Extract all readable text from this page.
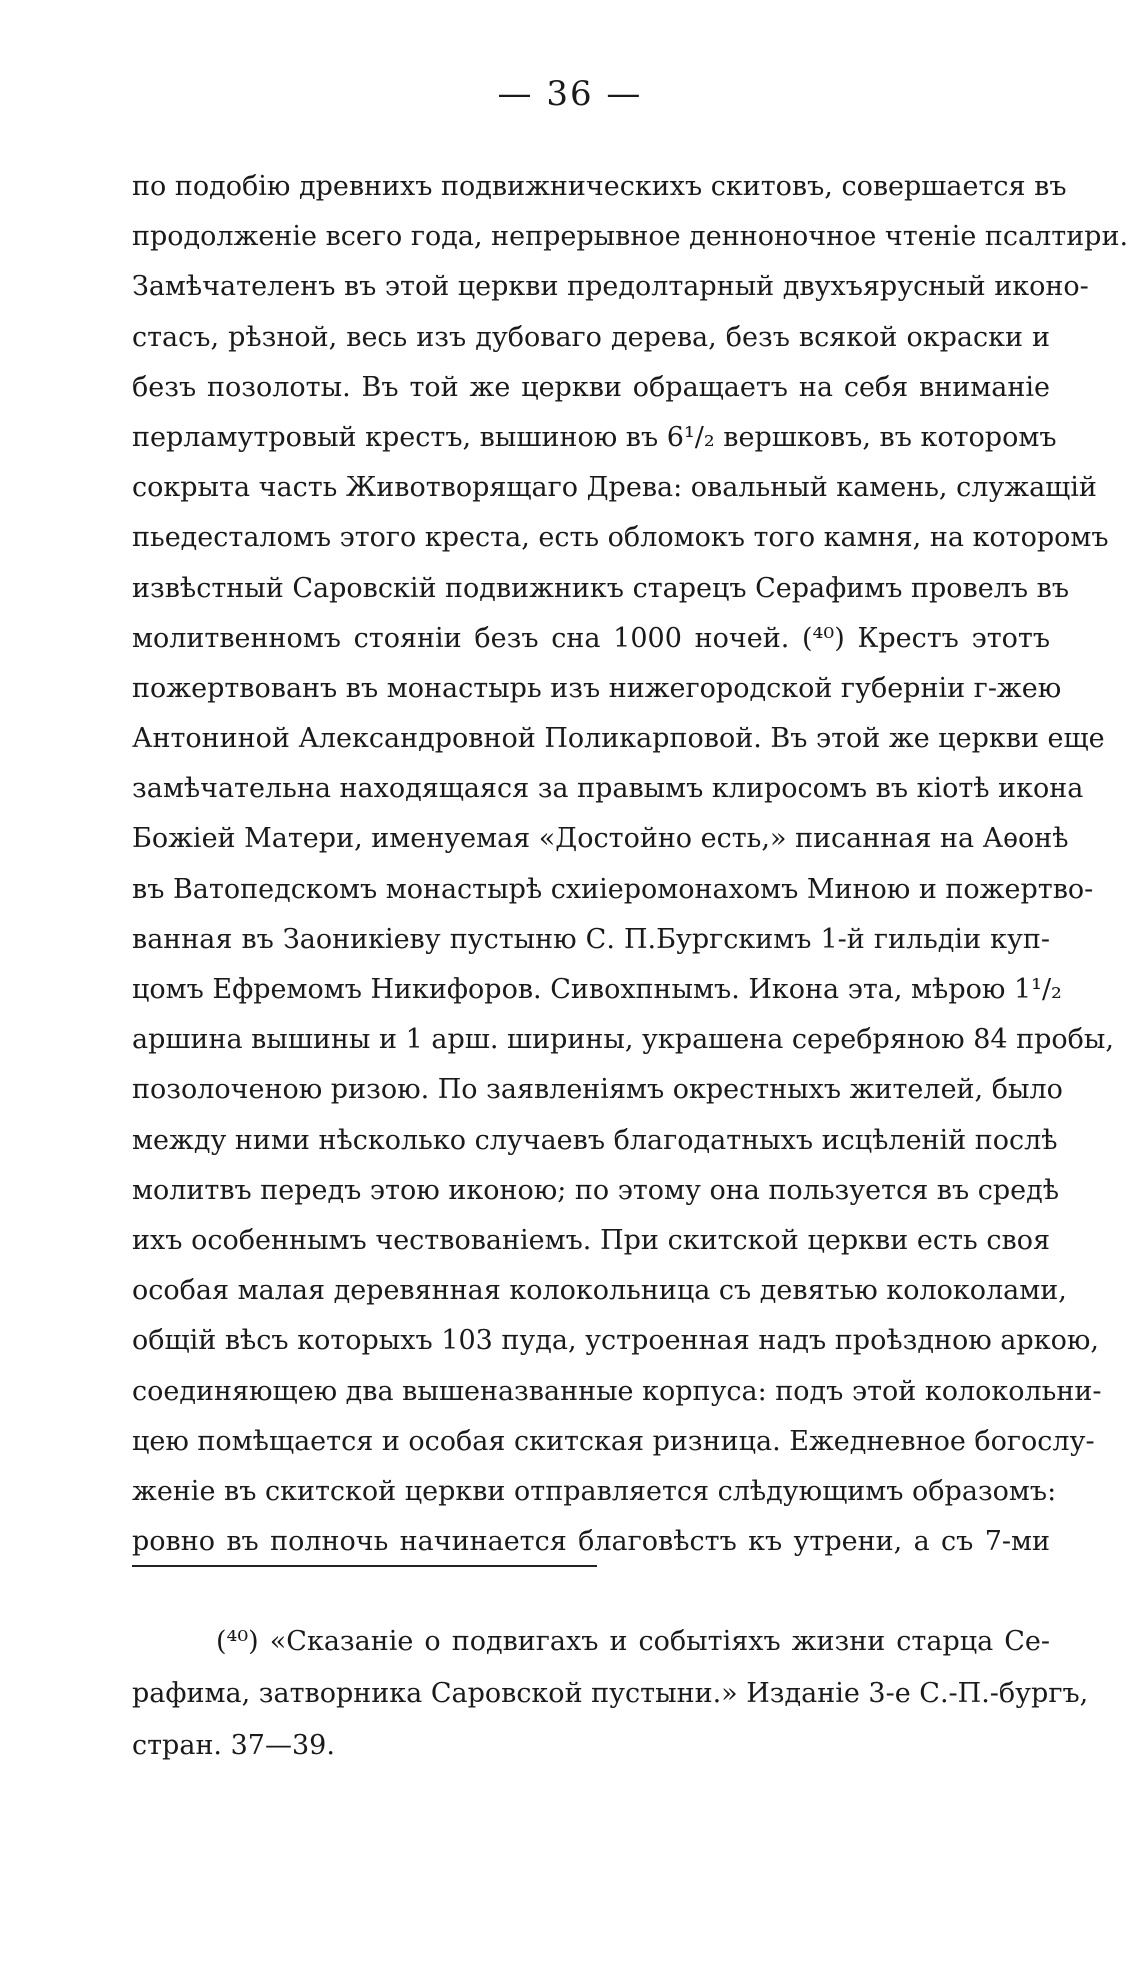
— 36 —
по подобію древнихъ подвижническихъ скитовъ, совершается въ
продолженіе всего года, непрерывное денноночное чтеніе псалтири.
Замѣчателенъ въ этой церкви предолтарный двухъярусный иконо-
стасъ, рѣзной, весь изъ дубоваго дерева, безъ всякой окраски и
безъ позолоты. Въ той же церкви обращаетъ на себя вниманіе
перламутровый крестъ, вышиною въ 6¹/₂ вершковъ, въ которомъ
сокрыта часть Животворящаго Древа: овальный камень, служащій
пьедесталомъ этого креста, есть обломокъ того камня, на которомъ
извѣстный Саровскій подвижникъ старецъ Серафимъ провелъ въ
молитвенномъ стояніи безъ сна 1000 ночей. (⁴⁰) Крестъ этотъ
пожертвованъ въ монастырь изъ нижегородской губерніи г-жею
Антониной Александровной Поликарповой. Въ этой же церкви еще
замѣчательна находящаяся за правымъ клиросомъ въ кіотѣ икона
Божіей Матери, именуемая «Достойно есть,» писанная на Аѳонѣ
въ Ватопедскомъ монастырѣ схиіеромонахомъ Миною и пожертво-
ванная въ Заоникіеву пустыню С. П.Бургскимъ 1-й гильдіи куп-
цомъ Ефремомъ Никифоров. Сивохпнымъ. Икона эта, мѣрою 1¹/₂
аршина вышины и 1 арш. ширины, украшена серебряною 84 пробы,
позолоченою ризою. По заявленіямъ окрестныхъ жителей, было
между ними нѣсколько случаевъ благодатныхъ исцѣленій послѣ
молитвъ передъ этою иконою; по этому она пользуется въ средѣ
ихъ особеннымъ чествованіемъ. При скитской церкви есть своя
особая малая деревянная колокольница съ девятью колоколами,
общій вѣсъ которыхъ 103 пуда, устроенная надъ проѣздною аркою,
соединяющею два вышеназванные корпуса: подъ этой колокольни-
цею помѣщается и особая скитская ризница. Ежедневное богослу-
женіе въ скитской церкви отправляется слѣдующимъ образомъ:
ровно въ полночь начинается благовѣстъ къ утрени, а съ 7-ми
(⁴⁰) «Сказаніе о подвигахъ и событіяхъ жизни старца Се-
рафима, затворника Саровской пустыни.» Изданіе 3-е С.-П.-бургъ,
стран. 37—39.
